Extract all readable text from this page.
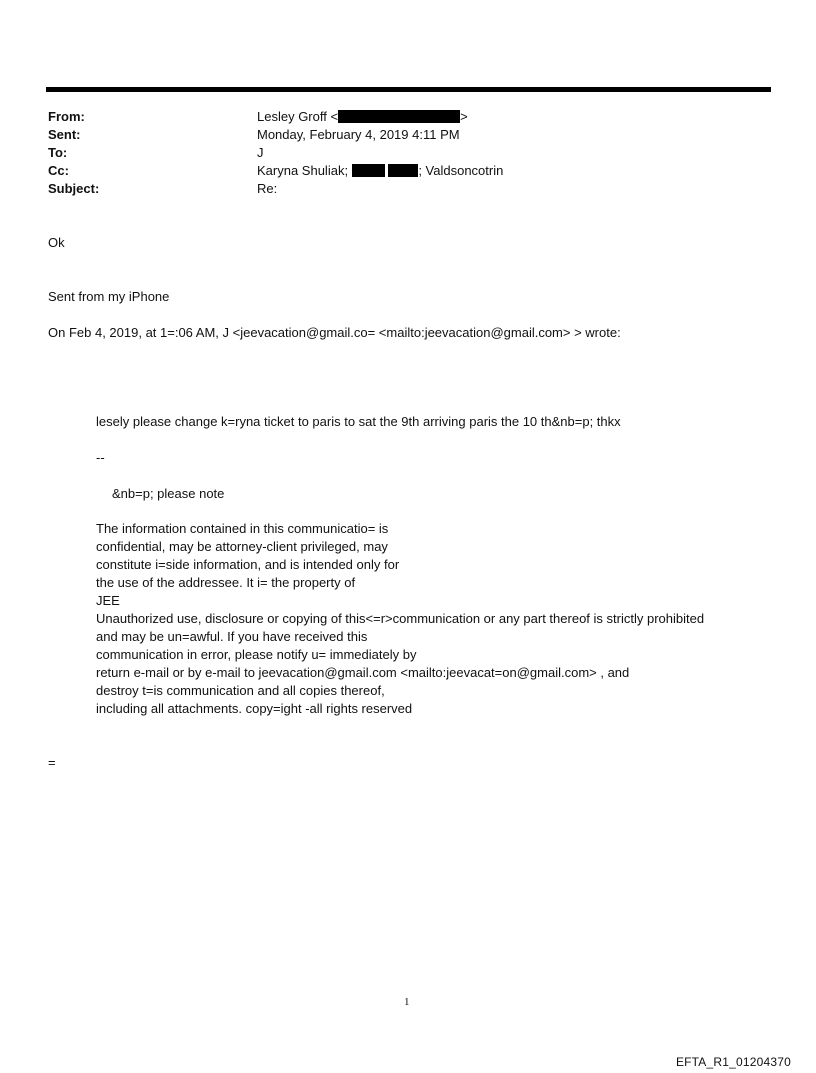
From:	Lesley Groff <	>
Sent:	Monday, February 4, 2019 4:11 PM
To:	J
Cc:	Karyna Shuliak;	; Valdsoncotrin
Subject:	Re:
Ok
Sent from my iPhone
On Feb 4, 2019, at 1=:06 AM, J <jeevacation@gmail.co= <mailto:jeevacation@gmail.com> > wrote:
lesely please change k=ryna ticket to paris to sat the 9th arriving paris the 10 th&nb=p; thkx
--
&nb=p; please note
The information contained in this communicatio= is
confidential, may be attorney-client privileged, may
constitute i=side information, and is intended only for
the use of the addressee. It i= the property of
JEE
Unauthorized use, disclosure or copying of this<=r>communication or any part thereof is strictly prohibited
and may be un=awful. If you have received this
communication in error, please notify u= immediately by
return e-mail or by e-mail to jeevacation@gmail.com <mailto:jeevacat=on@gmail.com> , and
destroy t=is communication and all copies thereof,
including all attachments. copy=ight -all rights reserved
=
1
EFTA_R1_01204370
